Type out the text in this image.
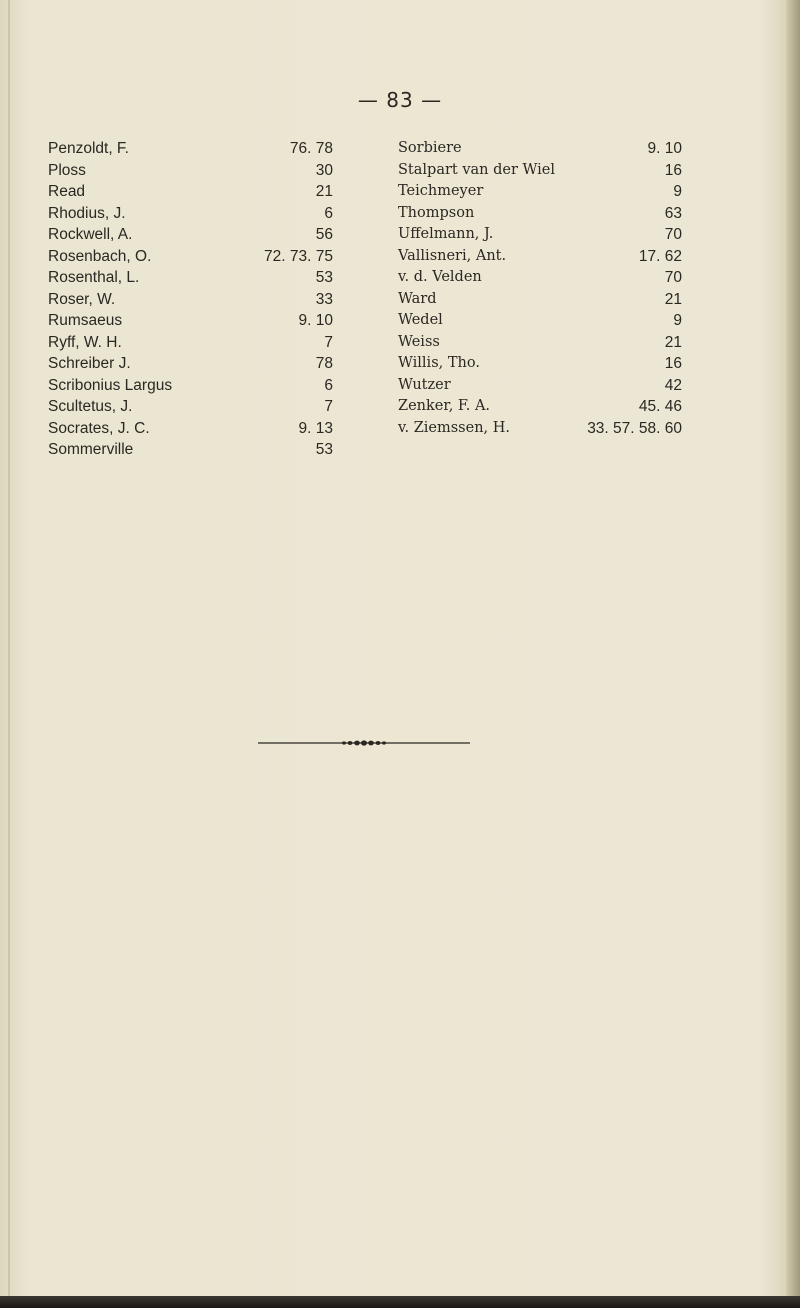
— 83 —
Penzoldt, F.	76. 78
Ploss	30
Read	21
Rhodius, J.	6
Rockwell, A.	56
Rosenbach, O.	72. 73. 75
Rosenthal, L.	53
Roser, W.	33
Rumsaeus	9. 10
Ryff, W. H.	7
Schreiber J.	78
Scribonius Largus	6
Scultetus, J.	7
Socrates, J. C.	9. 13
Sommerville	53
Sorbiere	9. 10
Stalpart van der Wiel	16
Teichmeyer	9
Thompson	63
Uffelmann, J.	70
Vallisneri, Ant.	17. 62
v. d. Velden	70
Ward	21
Wedel	9
Weiss	21
Willis, Tho.	16
Wutzer	42
Zenker, F. A.	45. 46
v. Ziemssen, H.	33. 57. 58. 60
